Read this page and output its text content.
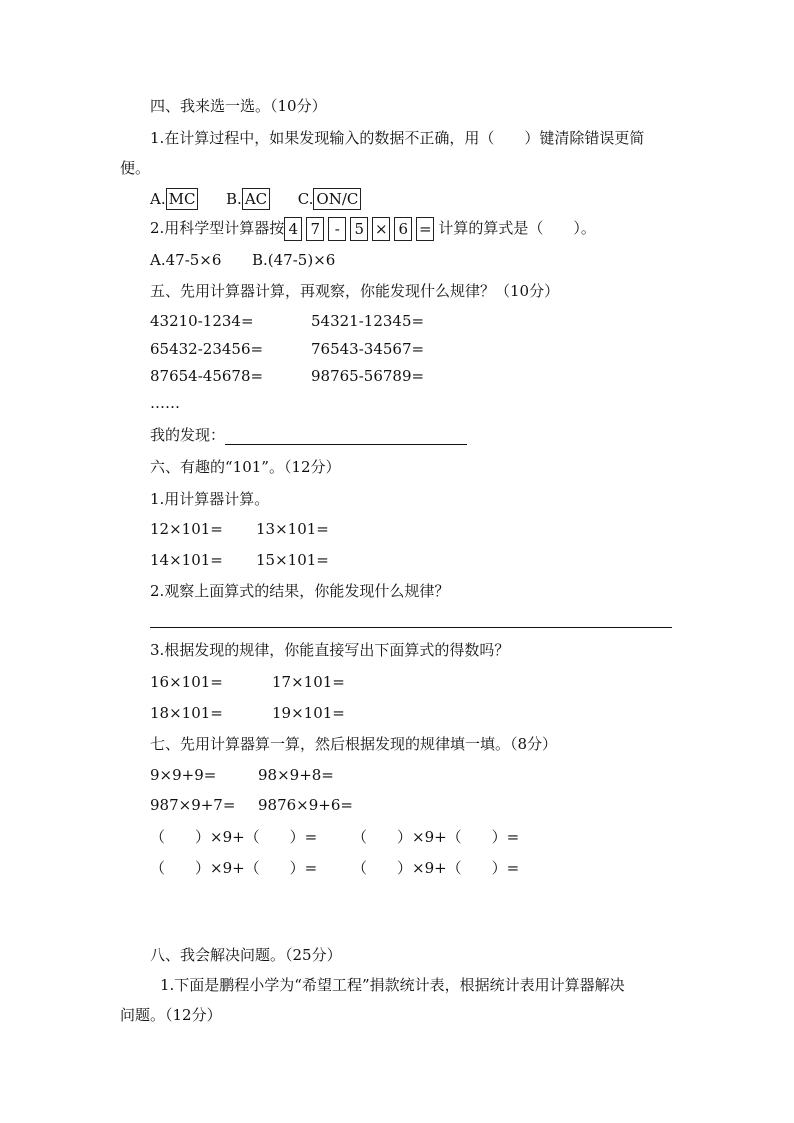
四、我来选一选。（10分）
1.在计算过程中，如果发现输入的数据不正确，用（　　）键清除错误更简
便。
A. MC B. AC C. ON/C
2.用科学型计算器按 4 7 - 5 × 6 = 计算的算式是（　　）。
A.47-5×6 B.(47-5)×6
五、先用计算器计算，再观察，你能发现什么规律？（10分）
43210-1234=	54321-12345=
65432-23456=	76543-34567=
87654-45678=	98765-56789=
……
我的发现：
六、有趣的“101”。（12分）
1.用计算器计算。
12×101= 13×101=
14×101= 15×101=
2.观察上面算式的结果，你能发现什么规律？
3.根据发现的规律，你能直接写出下面算式的得数吗？
16×101=	17×101=
18×101=	19×101=
七、先用计算器算一算，然后根据发现的规律填一填。（8分）
9×9+9=	98×9+8=
987×9+7= 9876×9+6=
（　　）×9+（　　）= （　　）×9+（　　）=
（　　）×9+（　　）= （　　）×9+（　　）=
八、我会解决问题。（25分）
1.下面是鹏程小学为“希望工程”捐款统计表，根据统计表用计算器解决
问题。（12分）
